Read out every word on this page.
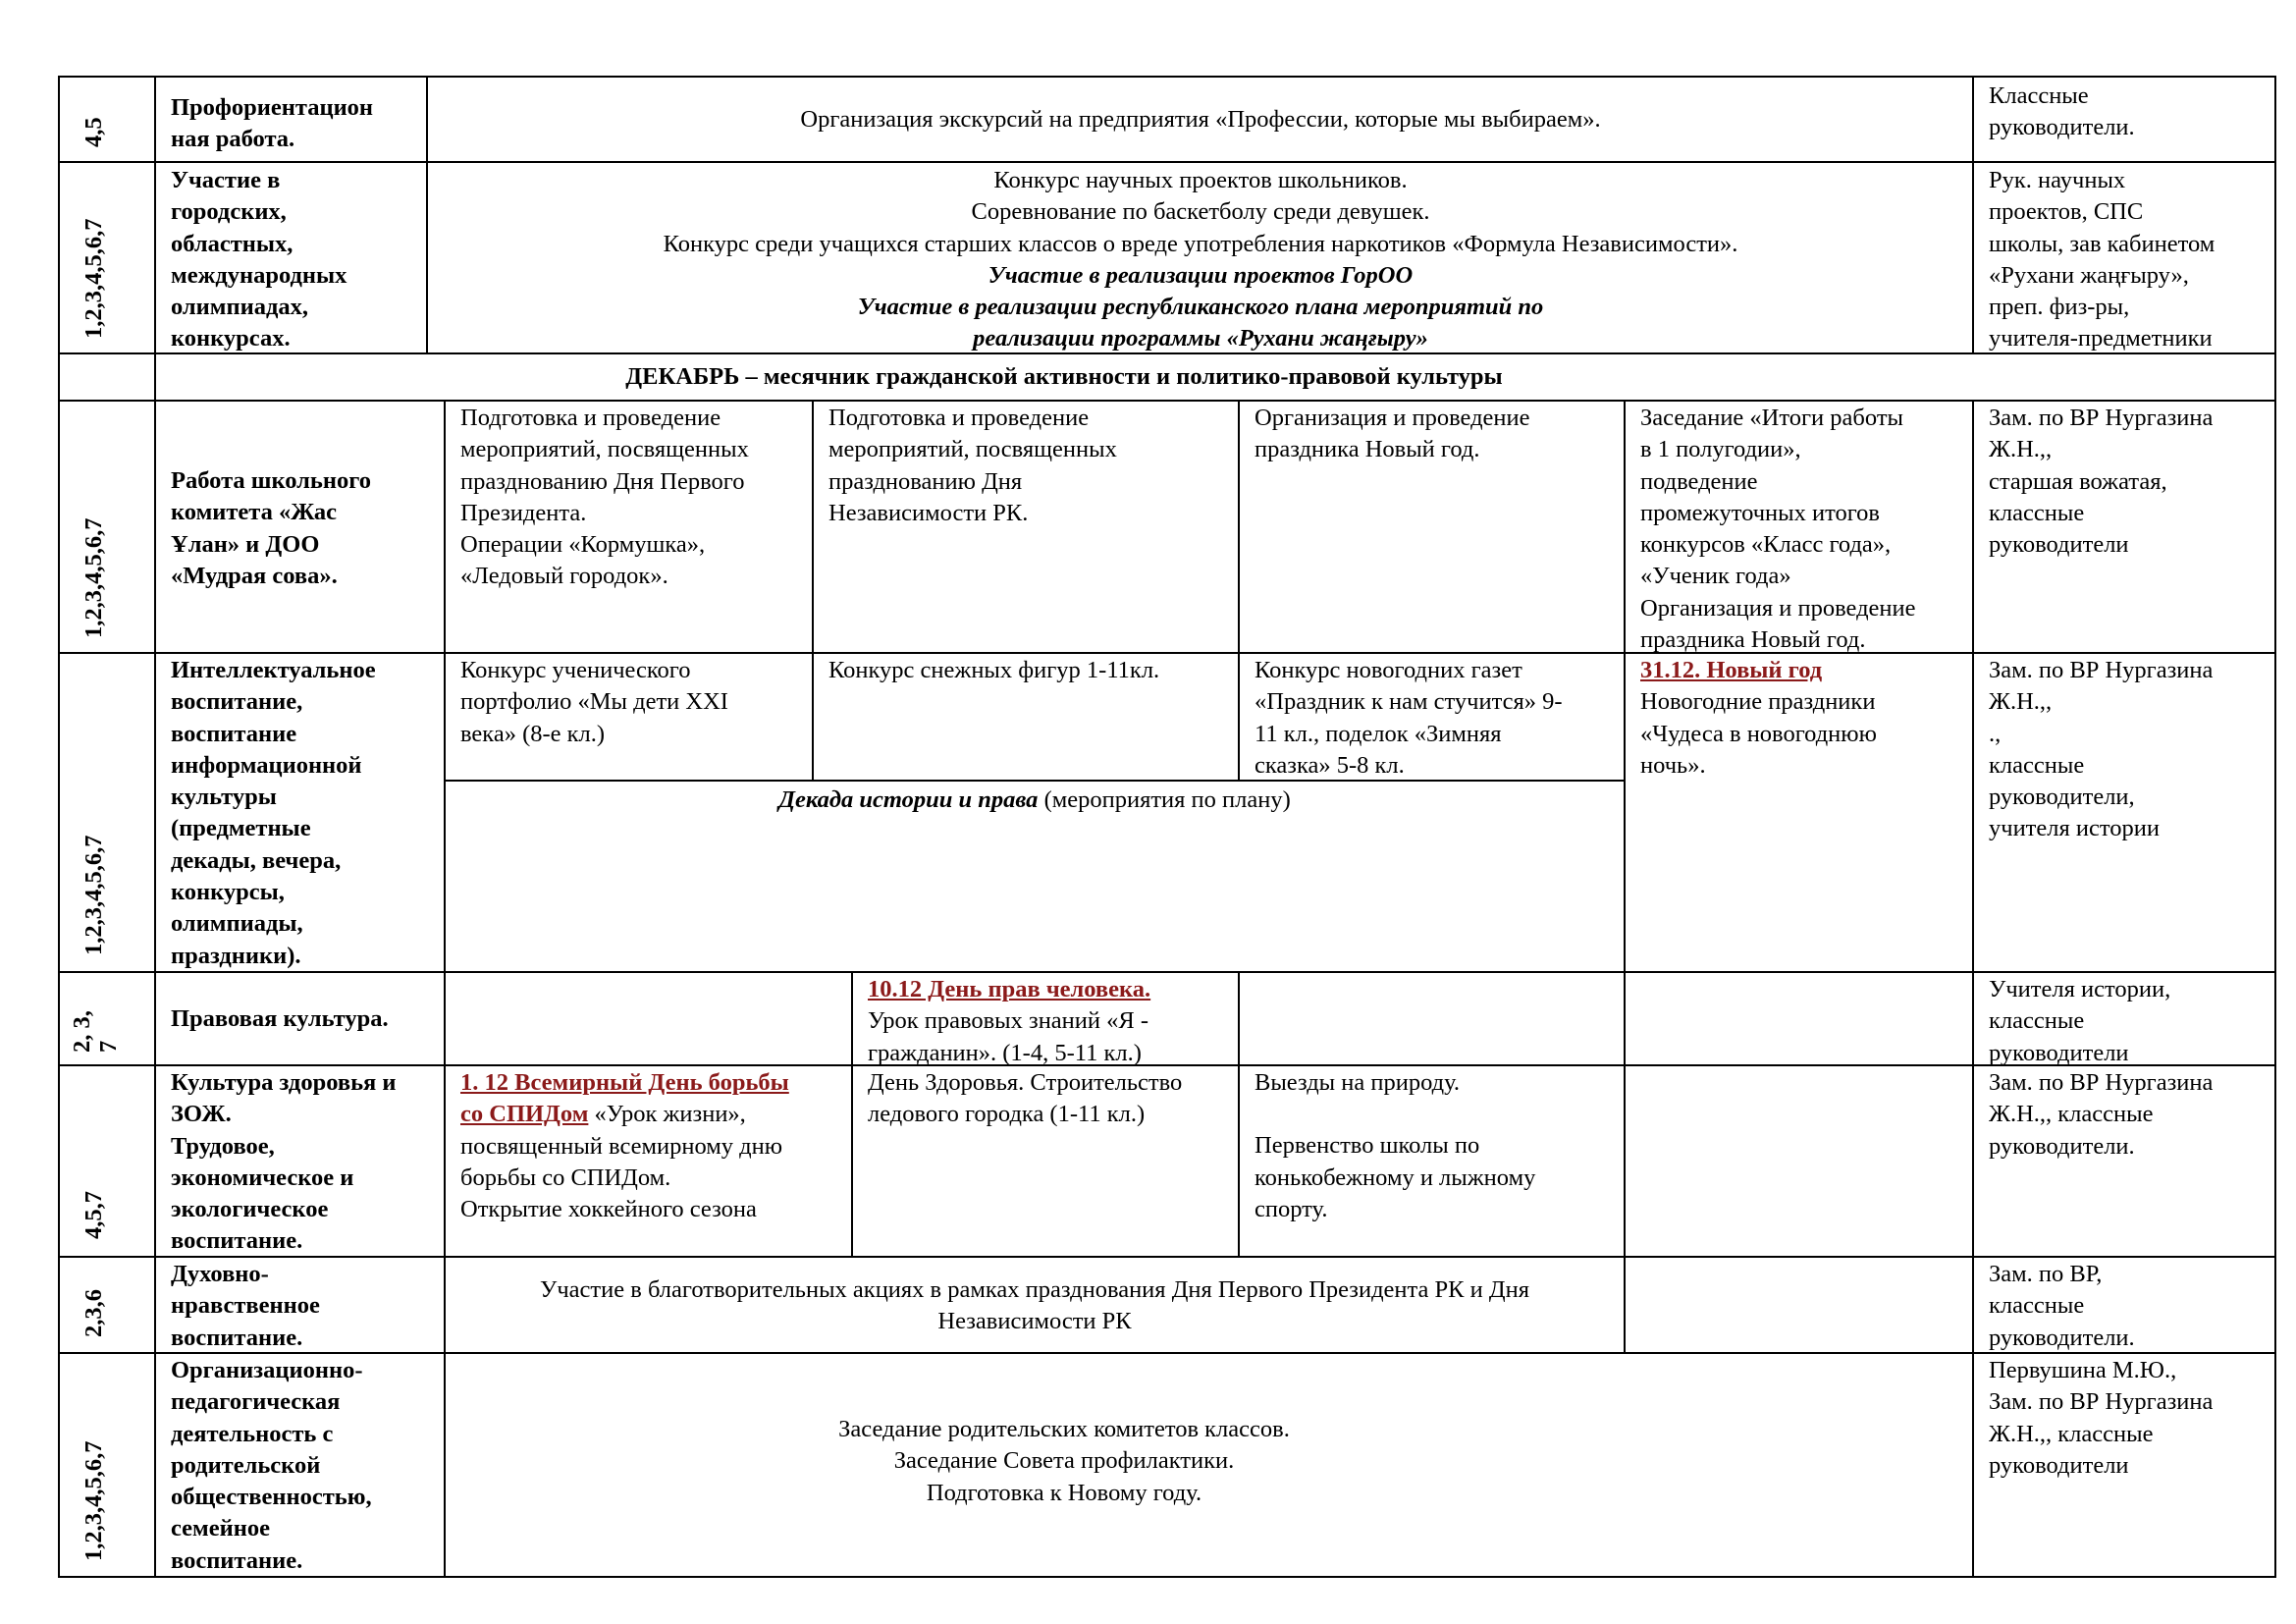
4,5
Профориентацион
ная работа.
Организация экскурсий на предприятия «Профессии, которые мы выбираем».
Классные
руководители.
1,2,3,4,5,6,7
Участие в
городских,
областных,
международных
олимпиадах,
конкурсах.
Конкурс научных проектов школьников.
Соревнование по баскетболу среди девушек.
Конкурс среди учащихся старших классов о вреде употребления наркотиков «Формула Независимости».
Участие в реализации проектов ГорОО
Участие в реализации республиканского плана мероприятий по
реализации программы «Рухани жаңғыру»
Рук. научных
проектов, СПС
школы, зав кабинетом
«Рухани жаңғыру»,
преп. физ-ры,
учителя-предметники
ДЕКАБРЬ – месячник гражданской активности и политико-правовой культуры
1,2,3,4,5,6,7
Работа школьного
комитета «Жас
Ұлан» и ДОО
«Мудрая сова».
Подготовка и проведение
мероприятий, посвященных
празднованию Дня Первого
Президента.
Операции «Кормушка»,
«Ледовый городок».
Подготовка и проведение
мероприятий, посвященных
празднованию Дня
Независимости РК.
Организация и проведение
праздника Новый год.
Заседание «Итоги работы
в 1 полугодии»,
подведение
промежуточных итогов
конкурсов «Класс года»,
«Ученик года»
Организация и проведение
праздника Новый год.
Зам. по ВР Нургазина
Ж.Н.,,
старшая вожатая,
классные
руководители
1,2,3,4,5,6,7
Интеллектуальное
воспитание,
воспитание
информационной
культуры
(предметные
декады, вечера,
конкурсы,
олимпиады,
праздники).
Конкурс ученического
портфолио «Мы дети XXI
века» (8-е кл.)
Конкурс снежных фигур 1-11кл.	Конкурс новогодних газет
«Праздник к нам стучится» 9-
11 кл., поделок «Зимняя
сказка» 5-8 кл.
31.12. Новый год
Новогодние праздники
«Чудеса в новогоднюю
ночь».
Декада истории и права (мероприятия по плану)
Зам. по ВР Нургазина
Ж.Н.,,
.,
классные
руководители,
учителя истории
2, 3, 7
Правовая культура.
10.12 День прав человека.
Урок правовых знаний «Я -
гражданин». (1-4, 5-11 кл.)
Учителя истории,
классные
руководители
4,5,7
Культура здоровья и
ЗОЖ.
Трудовое,
экономическое и
экологическое
воспитание.
1. 12 Всемирный День борьбы
со СПИДом «Урок жизни»,
посвященный всемирному дню
борьбы со СПИДом.
Открытие хоккейного сезона
День Здоровья. Строительство
ледового городка (1-11 кл.)
Выезды на природу.
Первенство школы по
конькобежному и лыжному
спорту.
Зам. по ВР Нургазина
Ж.Н.,, классные
руководители.
2,3,6
Духовно-
нравственное
воспитание.
Участие в благотворительных акциях в рамках празднования Дня Первого Президента РК и Дня
Независимости РК
Зам. по ВР,
классные
руководители.
1,2,3,4,5,6,7
Организационно-
педагогическая
деятельность с
родительской
общественностью,
семейное
воспитание.
Заседание родительских комитетов классов.
Заседание Совета профилактики.
Подготовка к Новому году.
Первушина М.Ю.,
Зам. по ВР Нургазина
Ж.Н.,, классные
руководители
